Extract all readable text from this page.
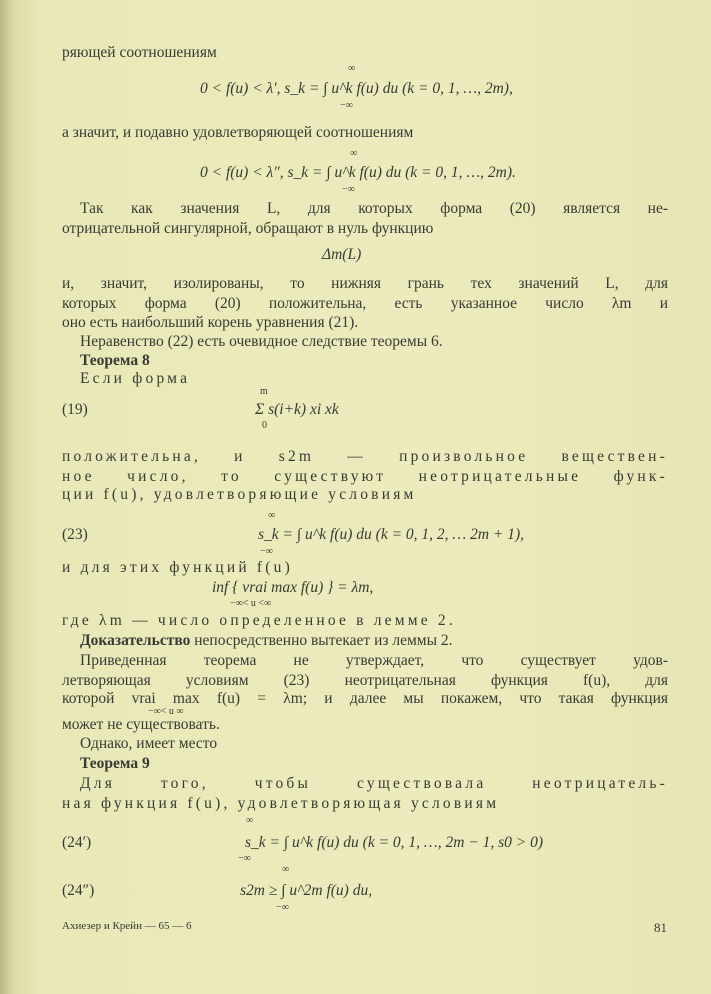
ряющей соотношениям
0 < f(u) < λ′, s_k = ∫ u^k f(u) du (k = 0, 1, …, 2m),
∞
−∞
а значит, и подавно удовлетворяющей соотношениям
0 < f(u) < λ″, s_k = ∫ u^k f(u) du (k = 0, 1, …, 2m).
∞
−∞
Так как значения L, для которых форма (20) является не-
отрицательной сингулярной, обращают в нуль функцию
Δm(L)
и, значит, изолированы, то нижняя грань тех значений L, для
которых форма (20) положительна, есть указанное число λm и
оно есть наибольший корень уравнения (21).
Неравенство (22) есть очевидное следствие теоремы 6.
Теорема 8
Если форма
(19)
m
Σ s(i+k) xi xk
0
положительна, и s2m — произвольное веществен-
ное число, то существуют неотрицательные функ-
ции f(u), удовлетворяющие условиям
(23)
∞
s_k = ∫ u^k f(u) du (k = 0, 1, 2, … 2m + 1),
−∞
и для этих функций f(u)
inf { vrai max f(u) } = λm,
−∞< u <∞
где λm — число определенное в лемме 2.
Доказательство непосредственно вытекает из леммы 2.
Приведенная теорема не утверждает, что существует удов-
летворяющая условиям (23) неотрицательная функция f(u), для
которой vrai max f(u) = λm; и далее мы покажем, что такая функция
−∞< u ∞
может не существовать.
Однако, имеет место
Теорема 9
Для того, чтобы существовала неотрицатель-
ная функция f(u), удовлетворяющая условиям
(24′)
∞
s_k = ∫ u^k f(u) du (k = 0, 1, …, 2m − 1, s0 > 0)
−∞
(24″)
∞
s2m ≥ ∫ u^2m f(u) du,
−∞
Ахиезер и Крейн — 65 — 6	81
